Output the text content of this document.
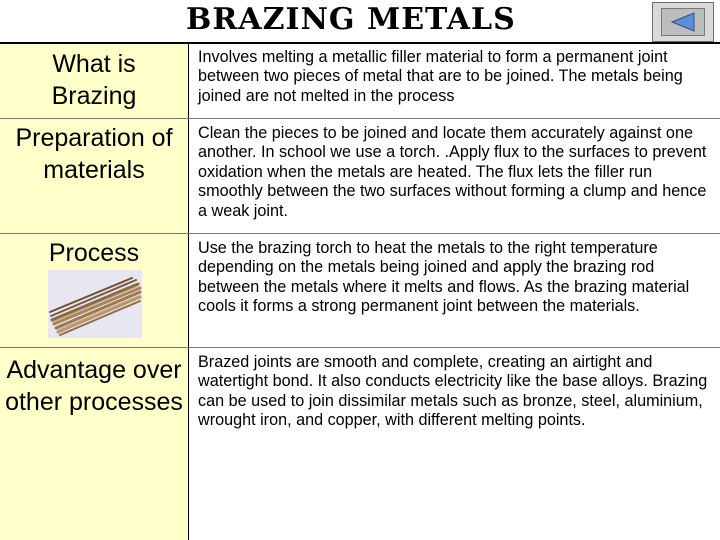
BRAZING METALS
What is Brazing
Involves melting a metallic filler material to form a permanent joint between two pieces of metal that are to be joined. The metals being joined are not melted in the process
Preparation of materials
Clean the pieces to be joined and locate them accurately against one another. In school we use a torch. .Apply flux to the surfaces to prevent oxidation when the metals are heated. The flux lets the filler run smoothly between the two surfaces without forming a clump and hence a weak joint.
Process	Use the brazing torch to heat the metals to the right temperature depending on the metals being joined and apply the brazing rod between the metals where it melts and flows. As the brazing material cools it forms a strong permanent joint between the materials.
Advantage over other processes
Brazed joints are smooth and complete, creating an airtight and watertight bond. It also conducts electricity like the base alloys. Brazing can be used to join dissimilar metals such as bronze, steel, aluminium, wrought iron, and copper, with different melting points.
